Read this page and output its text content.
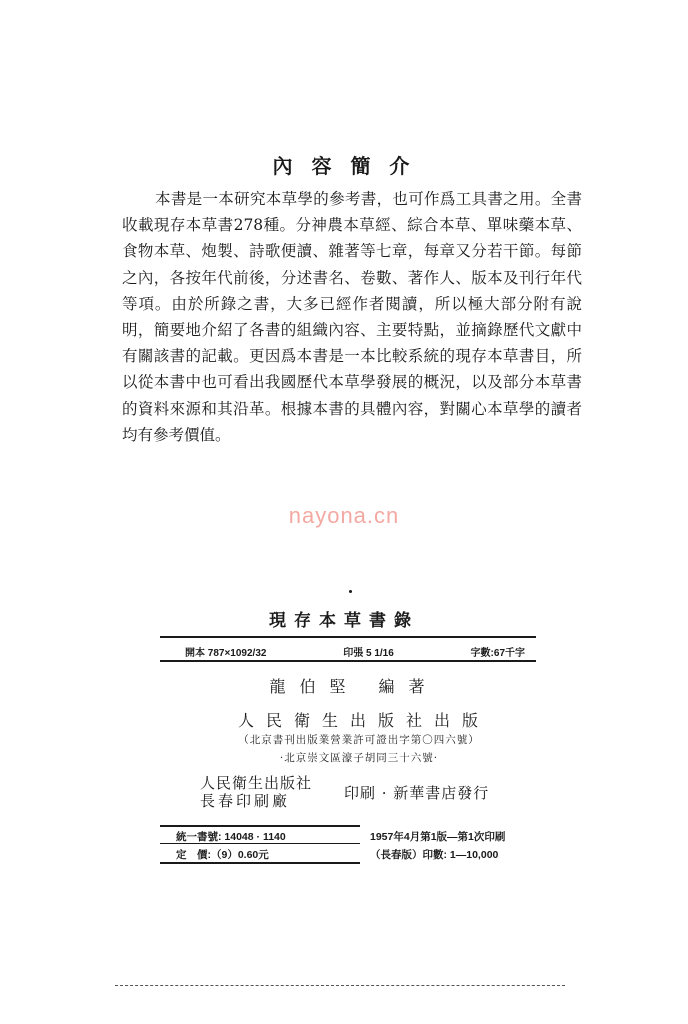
內 容 簡 介

本書是一本研究本草學的參考書，也可作爲工具書之用。全書收載現存本草書278種。分神農本草經、綜合本草、單味藥本草、食物本草、炮製、詩歌便讀、雜著等七章，每章又分若干節。每節之內，各按年代前後，分述書名、卷數、著作人、版本及刊行年代等項。由於所錄之書，大多已經作者閱讀，所以極大部分附有說明，簡要地介紹了各書的組織內容、主要特點，並摘錄歷代文獻中有關該書的記載。更因爲本書是一本比較系統的現存本草書目，所以從本書中也可看出我國歷代本草學發展的概況，以及部分本草書的資料來源和其沿革。根據本書的具體內容，對關心本草學的讀者均有參考價值。

nayona.cn
現存本草書錄
開本 787×1092/32	印張 5 1/16	字數:67千字
龍伯堅 編著
人民衛生出版社出版
（北京書刊出版業營業許可證出字第〇四六號）
·北京崇文區濠子胡同三十六號·
人民衛生出版社
長春印刷廠	印刷 · 新華書店發行
統一書號: 14048 · 1140	1957年4月第1版—第1次印刷
定　價:（9）0.60元	（長春版）印數: 1—10,000
